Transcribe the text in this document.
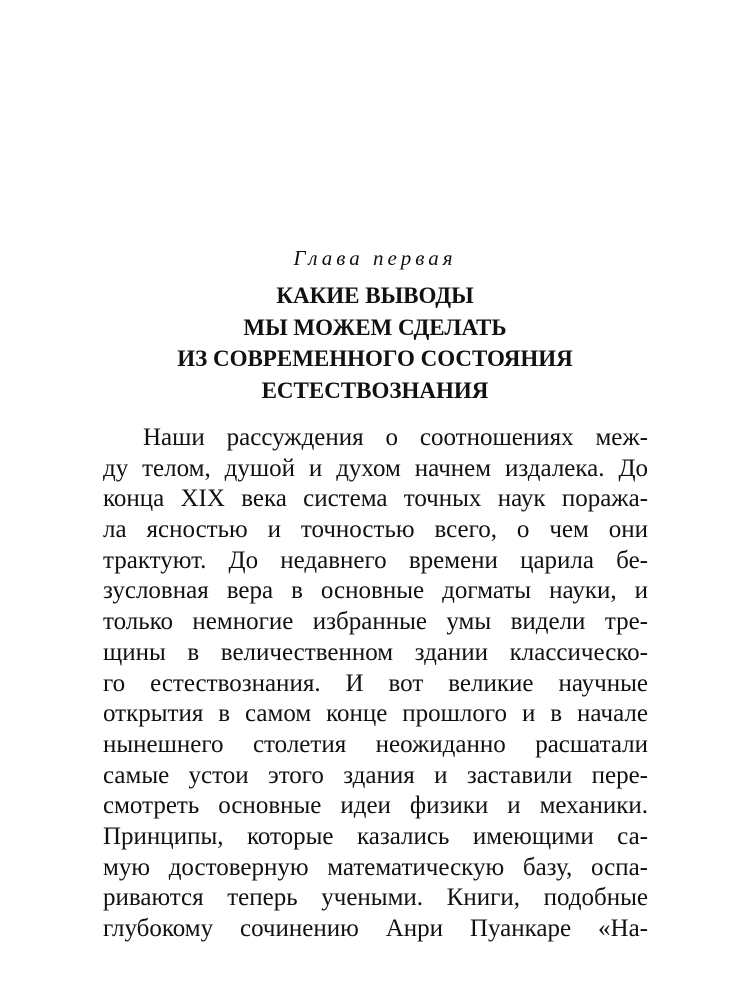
Глава первая
КАКИЕ ВЫВОДЫ
МЫ МОЖЕМ СДЕЛАТЬ
ИЗ СОВРЕМЕННОГО СОСТОЯНИЯ
ЕСТЕСТВОЗНАНИЯ
Наши рассуждения о соотношениях меж-
ду телом, душой и духом начнем издалека. До
конца XIX века система точных наук поража-
ла ясностью и точностью всего, о чем они
трактуют. До недавнего времени царила бе-
зусловная вера в основные догматы науки, и
только немногие избранные умы видели тре-
щины в величественном здании классическо-
го естествознания. И вот великие научные
открытия в самом конце прошлого и в начале
нынешнего столетия неожиданно расшатали
самые устои этого здания и заставили пере-
смотреть основные идеи физики и механики.
Принципы, которые казались имеющими са-
мую достоверную математическую базу, оспа-
риваются теперь учеными. Книги, подобные
глубокому сочинению Анри Пуанкаре «На-
